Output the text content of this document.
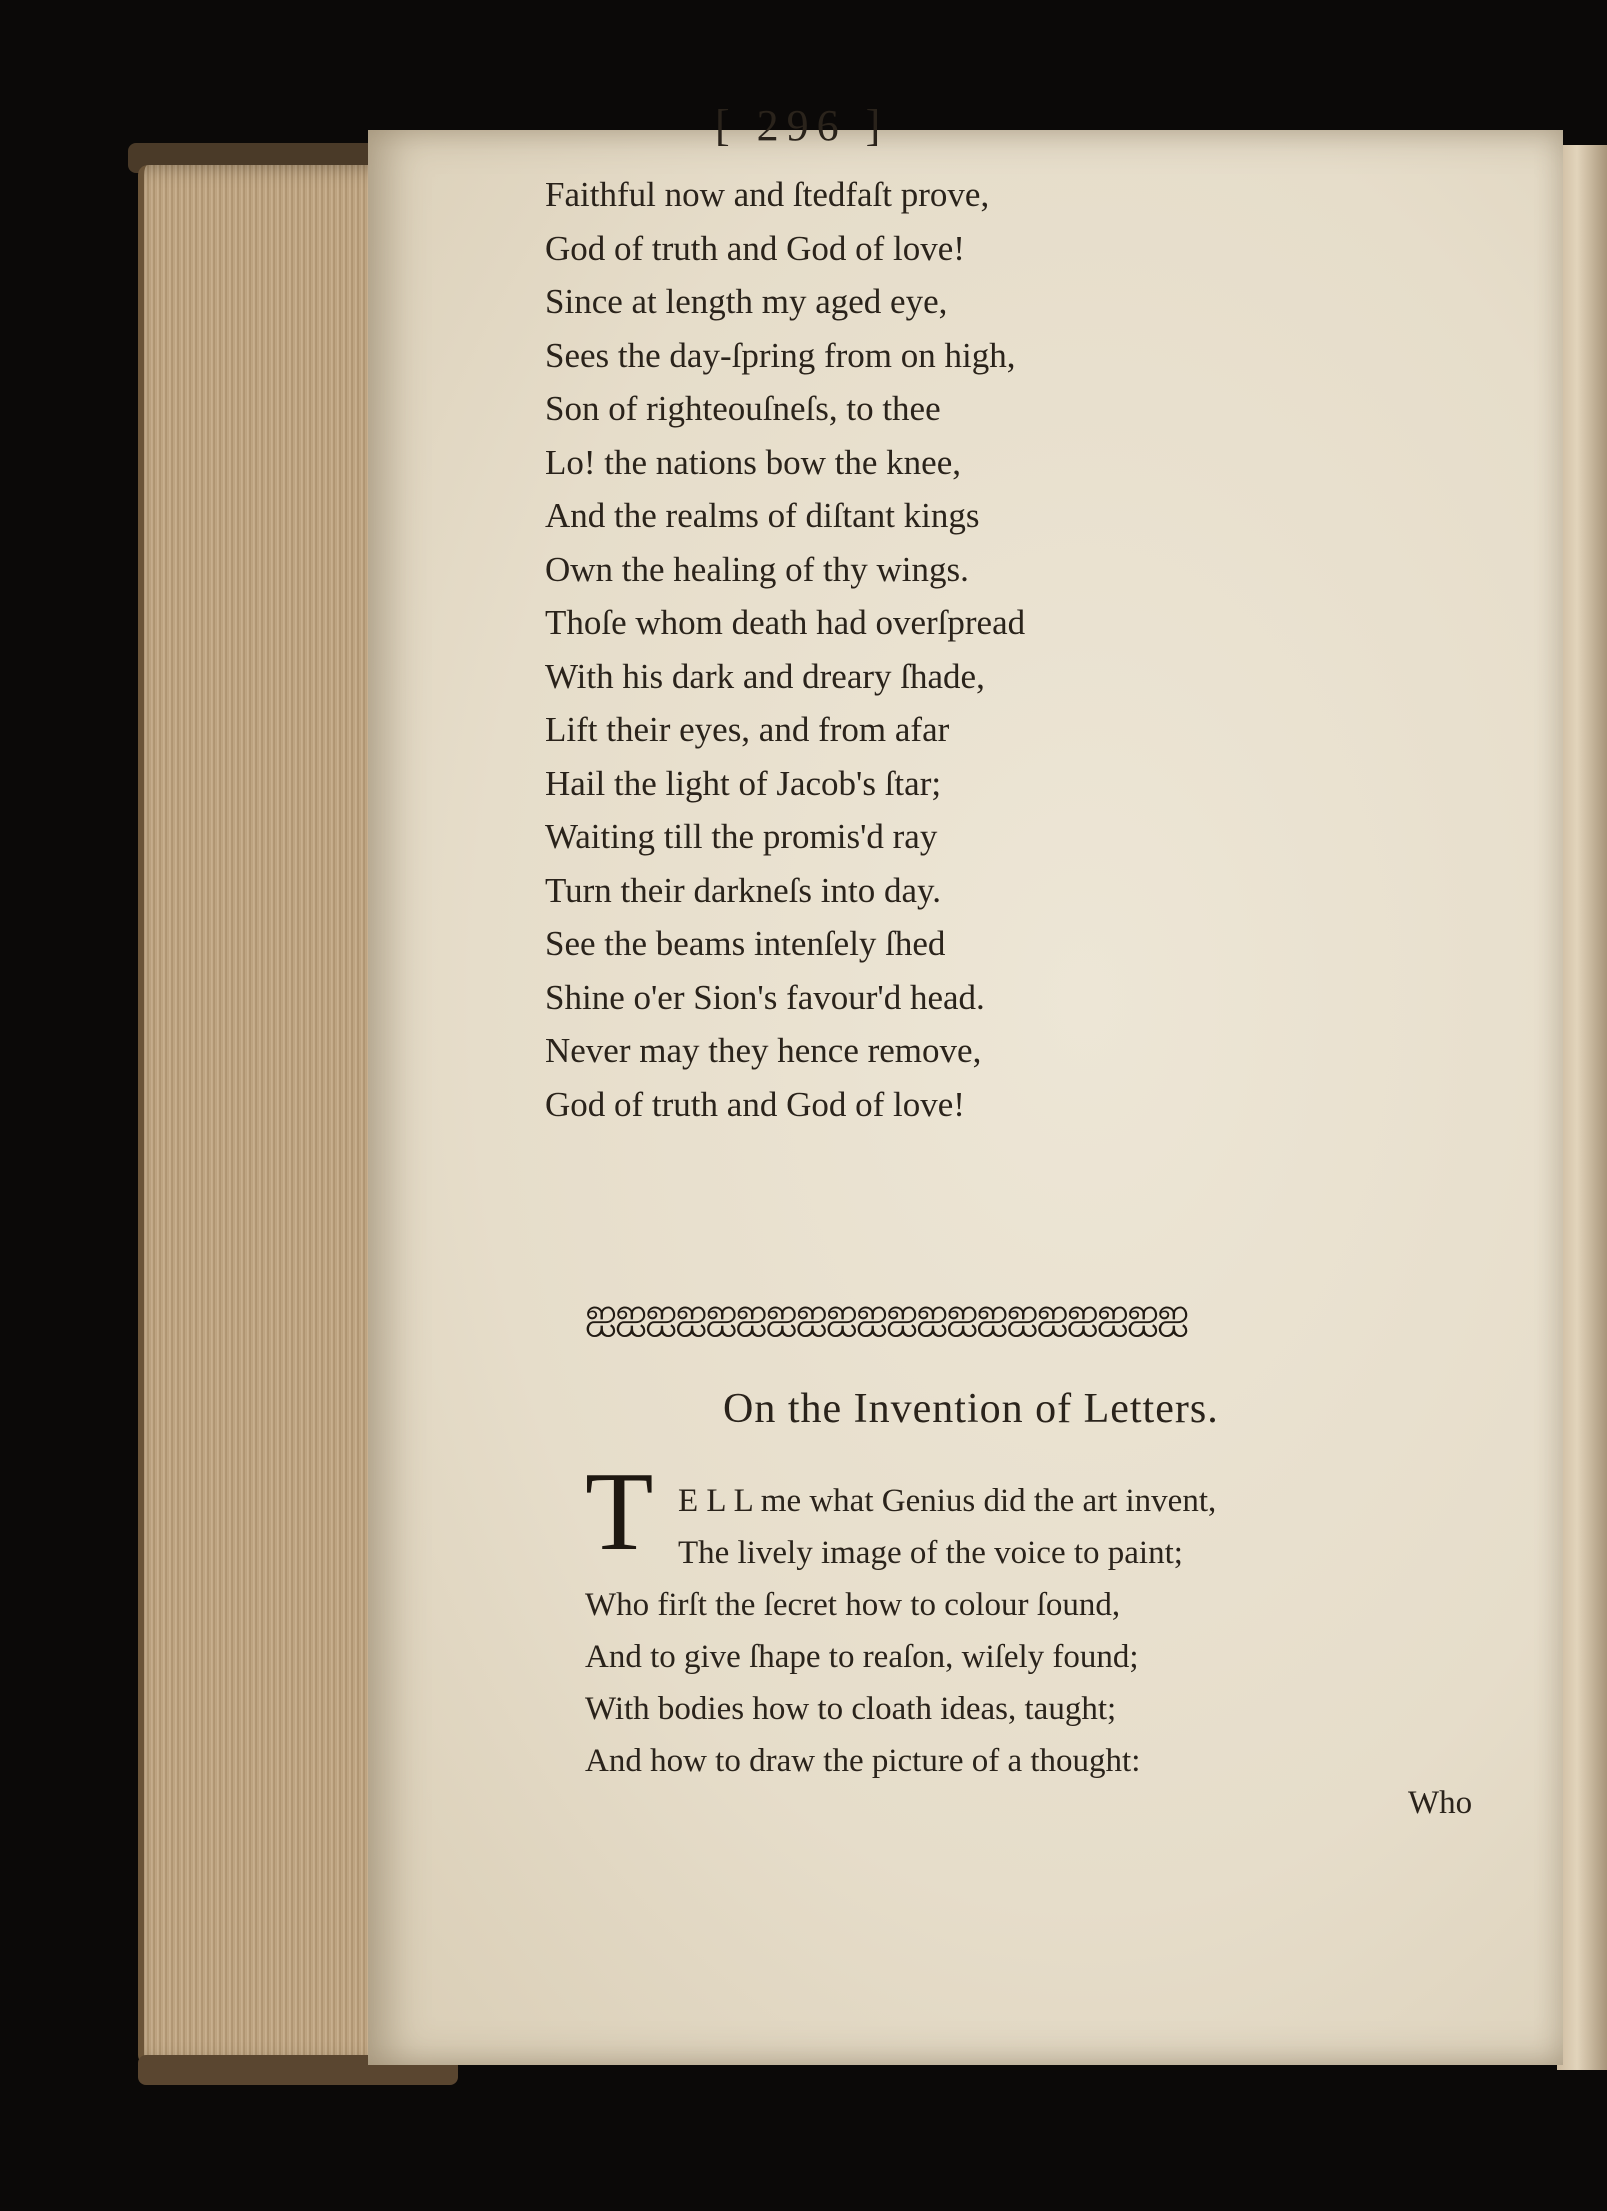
[ 296 ]
Faithful now and ſtedfaſt prove,
God of truth and God of love!
Since at length my aged eye,
Sees the day-ſpring from on high,
Son of righteouſneſs, to thee
Lo! the nations bow the knee,
And the realms of diſtant kings
Own the healing of thy wings.
Thoſe whom death had overſpread
With his dark and dreary ſhade,
Lift their eyes, and from afar
Hail the light of Jacob's ſtar;
Waiting till the promis'd ray
Turn their darkneſs into day.
See the beams intenſely ſhed
Shine o'er Sion's favour'd head.
Never may they hence remove,
God of truth and God of love!
ஐஐஐஐஐஐஐஐஐஐஐஐஐஐஐஐஐஐஐஐ
On the Invention of Letters.
T E L L me what Genius did the art invent,
The lively image of the voice to paint;
Who firſt the ſecret how to colour ſound,
And to give ſhape to reaſon, wiſely found;
With bodies how to cloath ideas, taught;
And how to draw the picture of a thought:
Who
